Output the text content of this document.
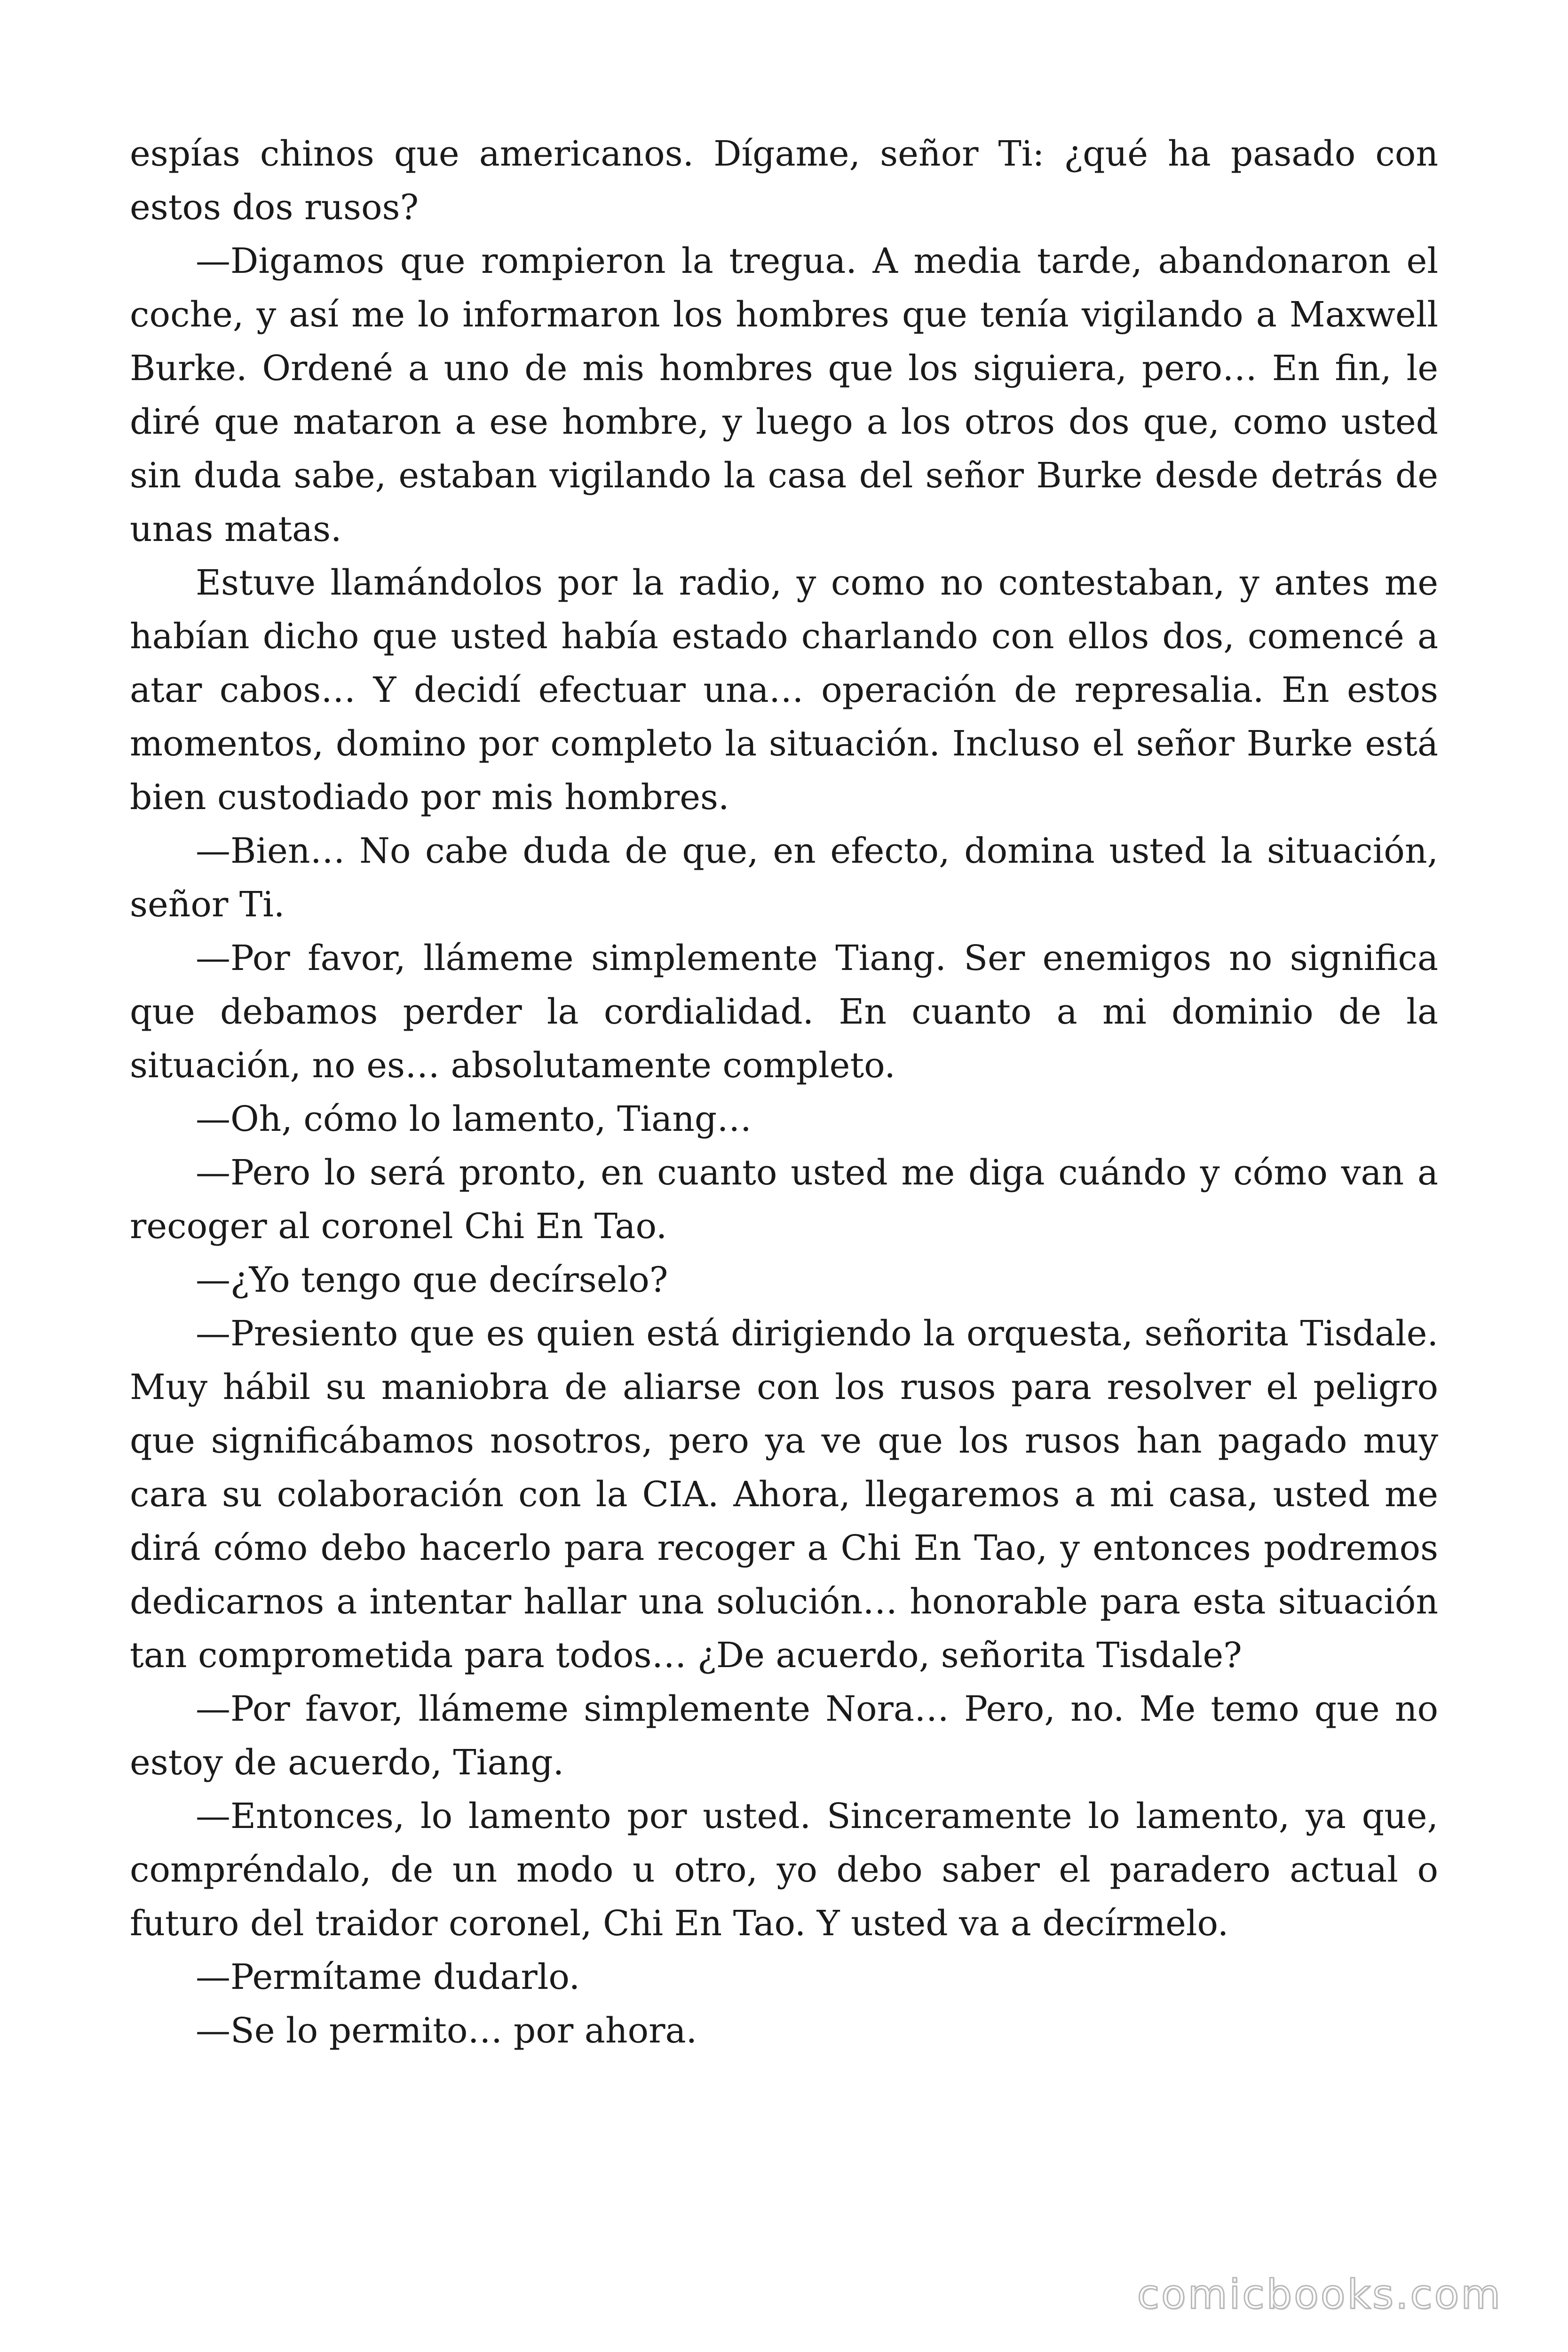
espías chinos que americanos. Dígame, señor Ti: ¿qué ha pasado con estos dos rusos?

—Digamos que rompieron la tregua. A media tarde, abandonaron el coche, y así me lo informaron los hombres que tenía vigilando a Maxwell Burke. Ordené a uno de mis hombres que los siguiera, pero… En fin, le diré que mataron a ese hombre, y luego a los otros dos que, como usted sin duda sabe, estaban vigilando la casa del señor Burke desde detrás de unas matas.

Estuve llamándolos por la radio, y como no contestaban, y antes me habían dicho que usted había estado charlando con ellos dos, comencé a atar cabos… Y decidí efectuar una… operación de represalia. En estos momentos, domino por completo la situación. Incluso el señor Burke está bien custodiado por mis hombres.

—Bien… No cabe duda de que, en efecto, domina usted la situación, señor Ti.

—Por favor, llámeme simplemente Tiang. Ser enemigos no significa que debamos perder la cordialidad. En cuanto a mi dominio de la situación, no es… absolutamente completo.

—Oh, cómo lo lamento, Tiang…

—Pero lo será pronto, en cuanto usted me diga cuándo y cómo van a recoger al coronel Chi En Tao.

—¿Yo tengo que decírselo?

—Presiento que es quien está dirigiendo la orquesta, señorita Tisdale. Muy hábil su maniobra de aliarse con los rusos para resolver el peligro que significábamos nosotros, pero ya ve que los rusos han pagado muy cara su colaboración con la CIA. Ahora, llegaremos a mi casa, usted me dirá cómo debo hacerlo para recoger a Chi En Tao, y entonces podremos dedicarnos a intentar hallar una solución… honorable para esta situación tan comprometida para todos… ¿De acuerdo, señorita Tisdale?

—Por favor, llámeme simplemente Nora… Pero, no. Me temo que no estoy de acuerdo, Tiang.

—Entonces, lo lamento por usted. Sinceramente lo lamento, ya que, compréndalo, de un modo u otro, yo debo saber el paradero actual o futuro del traidor coronel, Chi En Tao. Y usted va a decírmelo.

—Permítame dudarlo.

—Se lo permito… por ahora.

comicbooks.com
